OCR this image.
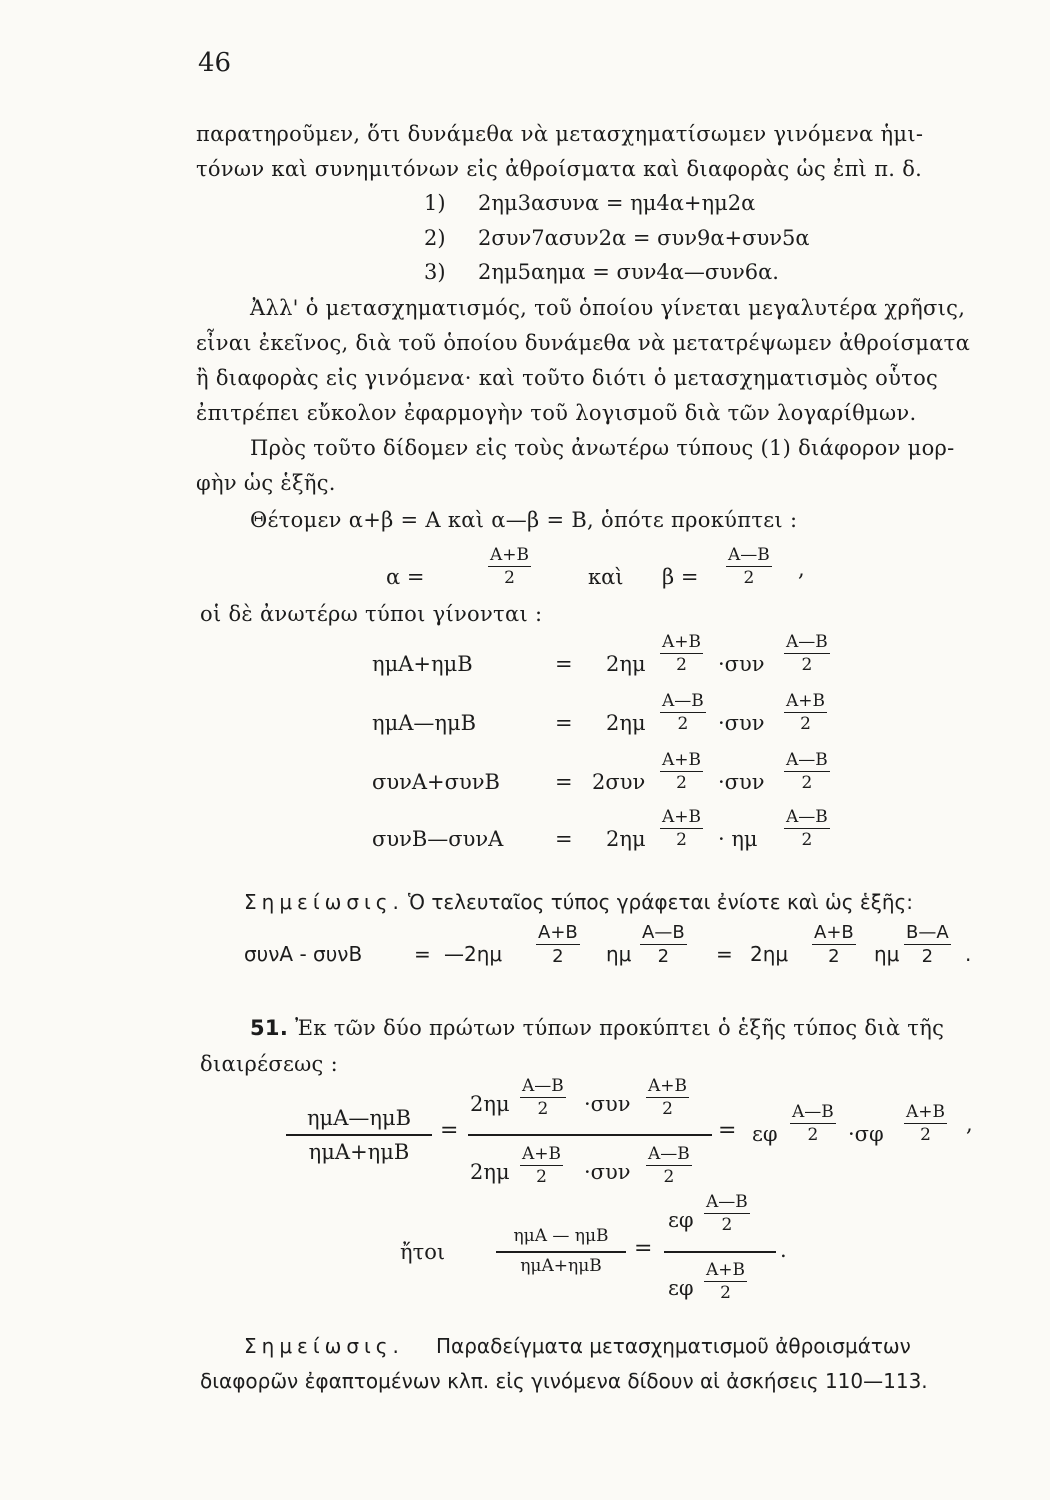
46
παρατηροῦμεν, ὅτι δυνάμεθα νὰ μετασχηματίσωμεν γινόμενα ἡμι-
τόνων καὶ συνημιτόνων εἰς ἀθροίσματα καὶ διαφορὰς ὡς ἐπὶ π. δ.
1) 2ημ3ασυνα = ημ4α+ημ2α
2) 2συν7ασυν2α = συν9α+συν5α
3) 2ημ5αημα = συν4α—συν6α.
Ἀλλ' ὁ μετασχηματισμός, τοῦ ὁποίου γίνεται μεγαλυτέρα χρῆσις,
εἶναι ἐκεῖνος, διὰ τοῦ ὁποίου δυνάμεθα νὰ μετατρέψωμεν ἀθροίσματα
ἢ διαφορὰς εἰς γινόμενα· καὶ τοῦτο διότι ὁ μετασχηματισμὸς οὗτος
ἐπιτρέπει εὔκολον ἐφαρμογὴν τοῦ λογισμοῦ διὰ τῶν λογαρίθμων.
Πρὸς τοῦτο δίδομεν εἰς τοὺς ἀνωτέρω τύπους (1) διάφορον μορ-
φὴν ὡς ἑξῆς.
Θέτομεν α+β = Α καὶ α—β = Β, ὁπότε προκύπτει :
α =	$\frac{A+B}{2}$	καὶ $\beta = \frac{A—B}{2}$ ,
οἱ δὲ ἀνωτέρω τύποι γίνονται :
ημΑ+ημΒ	= $2\eta\mu \frac{A+B}{2} \cdot\sigma\upsilon\nu \frac{A—B}{2}$
ημΑ—ημΒ	= $2\eta\mu \frac{A—B}{2} \cdot\sigma\upsilon\nu \frac{A+B}{2}$
συνΑ+συνΒ	= $2\sigma\upsilon\nu \frac{A+B}{2} \cdot\sigma\upsilon\nu \frac{A—B}{2}$
συνΒ—συνΑ = $2\eta\mu \frac{A+B}{2} \cdot \eta\mu \frac{A—B}{2}$
Σημείωσις. Ὁ τελευταῖος τύπος γράφεται ἐνίοτε καὶ ὡς ἑξῆς:
συνΑ - συνΒ	= —2ημ $\frac{A+B}{2}$ ημ $\frac{A—B}{2} = 2\eta\mu \frac{A+B}{2}$ ημ $\frac{B—A}{2}$ .
51. Ἐκ τῶν δύο πρώτων τύπων προκύπτει ὁ ἑξῆς τύπος διὰ τῆς
διαιρέσεως :
ημΑ—ημΒ
ημΑ+ημΒ
=
$2\eta\mu \frac{A—B}{2} \cdot\sigma\upsilon\nu \frac{A+B}{2}$
$2\eta\mu \frac{A+B}{2} \cdot\sigma\upsilon\nu \frac{A—B}{2}$
= εφ $\frac{A—B}{2} \cdot\sigma\varphi \frac{A+B}{2}$ ,
ἤτοι
ημΑ — ημΒ
ημΑ+ημΒ
=
εφ $\frac{A—B}{2}$
εφ $\frac{A+B}{2}$
.
Σημείωσις. Παραδείγματα μετασχηματισμοῦ ἀθροισμάτων
διαφορῶν ἐφαπτομένων κλπ. εἰς γινόμενα δίδουν αἱ ἀσκήσεις 110—113.
